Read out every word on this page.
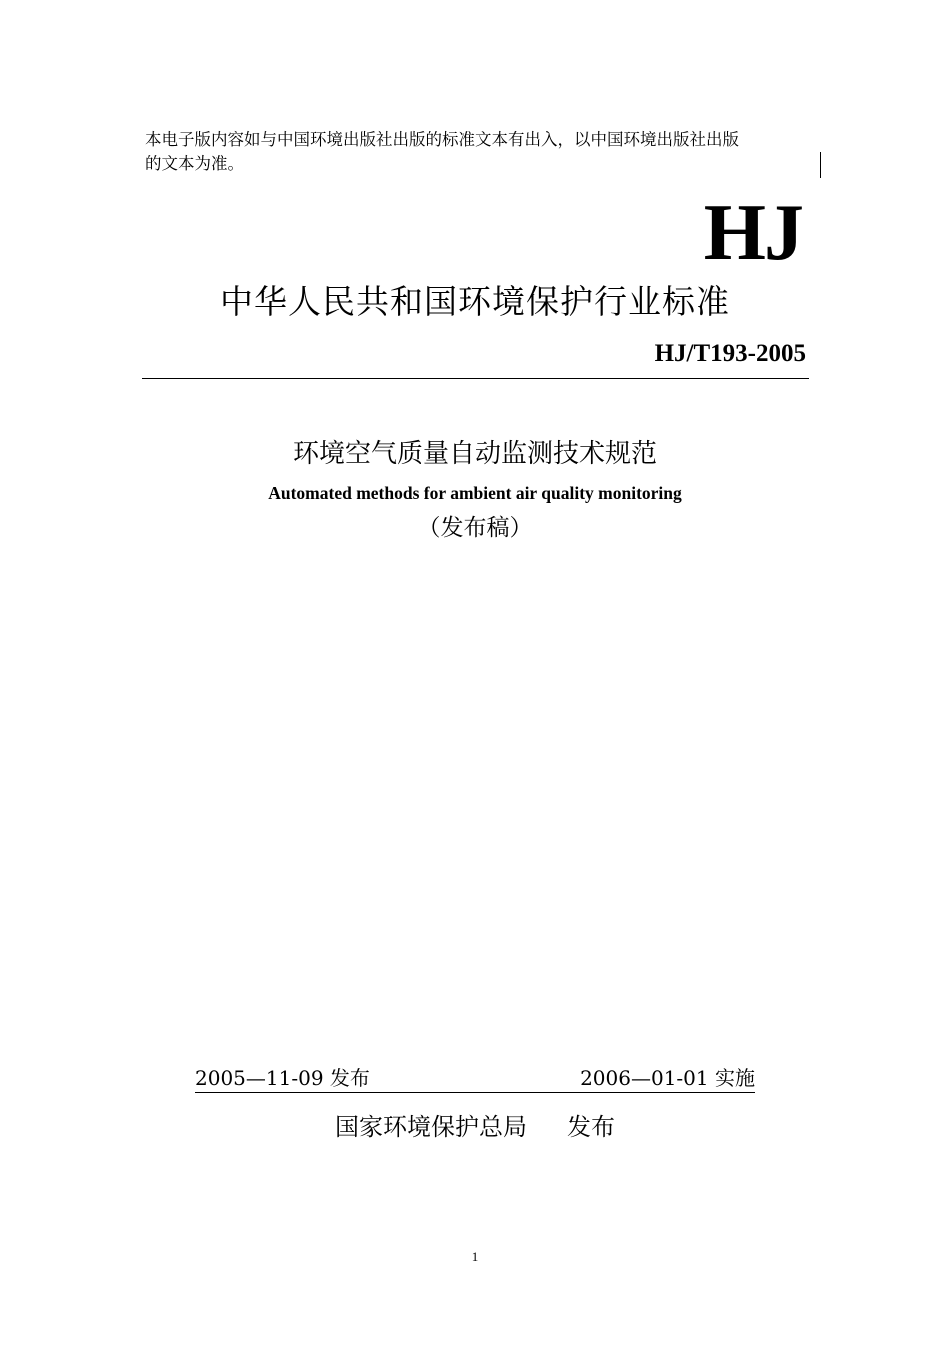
本电子版内容如与中国环境出版社出版的标准文本有出入，以中国环境出版社出版
的文本为准。
HJ
中华人民共和国环境保护行业标准
HJ/T193-2005
环境空气质量自动监测技术规范
Automated methods for ambient air quality monitoring
（发布稿）
2005—11-09 发布	2006—01-01 实施
国家环境保护总局 发布
1
